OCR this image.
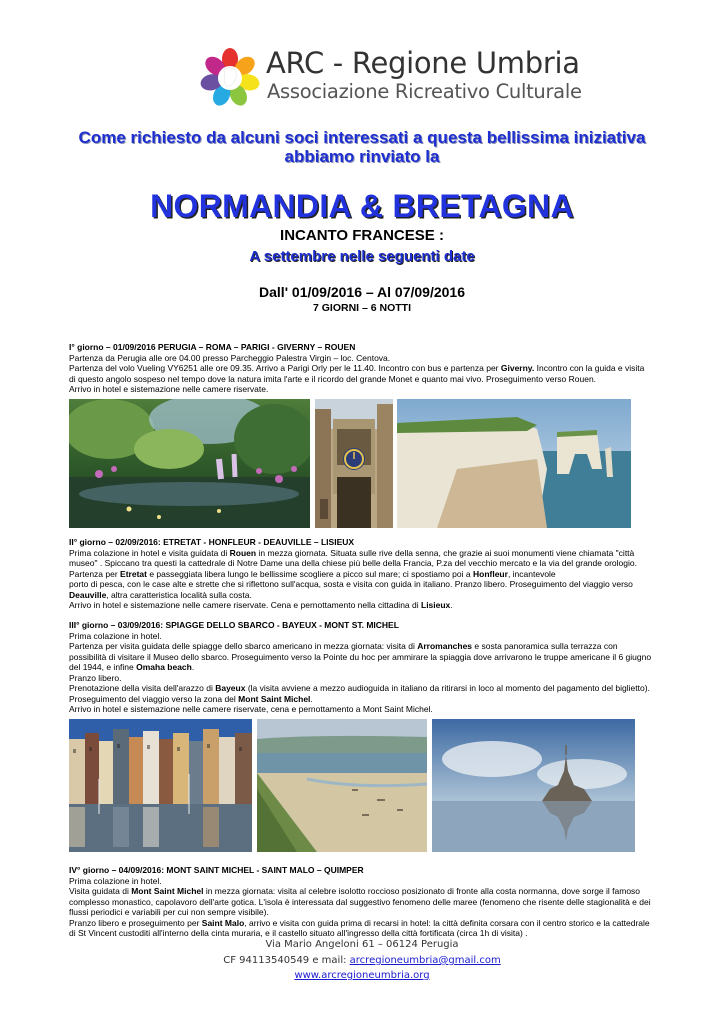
ARC - Regione Umbria
Associazione Ricreativo Culturale
Come richiesto da alcuni soci interessati a questa bellissima iniziativa
abbiamo rinviato la
NORMANDIA & BRETAGNA
INCANTO FRANCESE :
A settembre nelle seguenti date
Dall' 01/09/2016 – Al 07/09/2016
7 GIORNI – 6 NOTTI

I° giorno – 01/09/2016 PERUGIA – ROMA – PARIGI - GIVERNY – ROUEN

Partenza da Perugia alle ore 04.00 presso Parcheggio Palestra Virgin – loc. Centova.

Partenza del volo Vueling VY6251 alle ore 09.35. Arrivo a Parigi Orly per le 11.40. Incontro con bus e partenza per Giverny. Incontro con la guida e visita

di questo angolo sospeso nel tempo dove la natura imita l'arte e il ricordo del grande Monet e quanto mai vivo. Proseguimento verso Rouen.

Arrivo in hotel e sistemazione nelle camere riservate.

II° giorno – 02/09/2016: ETRETAT - HONFLEUR - DEAUVILLE – LISIEUX

Prima colazione in hotel e visita guidata di Rouen in mezza giornata. Situata sulle rive della senna, che grazie ai suoi monumenti viene chiamata "città

museo" . Spiccano tra questi la cattedrale di Notre Dame una della chiese più belle della Francia, P.za del vecchio mercato e la via del grande orologio.

Partenza per Etretat e passeggiata libera lungo le bellissime scogliere a picco sul mare; ci spostiamo poi a Honfleur, incantevole

porto di pesca, con le case alte e strette che si riflettono sull'acqua, sosta e visita con guida in italiano. Pranzo libero. Proseguimento del viaggio verso

Deauville, altra caratteristica località sulla costa.

Arrivo in hotel e sistemazione nelle camere riservate. Cena e pernottamento nella cittadina di Lisieux.

III° giorno – 03/09/2016: SPIAGGE DELLO SBARCO - BAYEUX - MONT ST. MICHEL

Prima colazione in hotel.

Partenza per visita guidata delle spiagge dello sbarco americano in mezza giornata: visita di Arromanches e sosta panoramica sulla terrazza con

possibilità di visitare il Museo dello sbarco. Proseguimento verso la Pointe du hoc per ammirare la spiaggia dove arrivarono le truppe americane il 6 giugno

del 1944, e infine Omaha beach.

Pranzo libero.

Prenotazione della visita dell'arazzo di Bayeux (la visita avviene a mezzo audioguida in italiano da ritirarsi in loco al momento del pagamento del biglietto).

Proseguimento del viaggio verso la zona del Mont Saint Michel.

Arrivo in hotel e sistemazione nelle camere riservate, cena e pernottamento a Mont Saint Michel.

IV° giorno – 04/09/2016: MONT SAINT MICHEL - SAINT MALO – QUIMPER

Prima colazione in hotel.

Visita guidata di Mont Saint Michel in mezza giornata: visita al celebre isolotto roccioso posizionato di fronte alla costa normanna, dove sorge il famoso

complesso monastico, capolavoro dell'arte gotica. L'isola è interessata dal suggestivo fenomeno delle maree (fenomeno che risente delle stagionalità e dei

flussi periodici e variabili per cui non sempre visibile).

Pranzo libero e proseguimento per Saint Malo, arrivo e visita con guida prima di recarsi in hotel: la città definita corsara con il centro storico e la cattedrale

di St Vincent custoditi all'interno della cinta muraria, e il castello situato all'ingresso della città fortificata (circa 1h di visita) .

Via Mario Angeloni 61 – 06124 Perugia
CF 94113540549 e mail: arcregioneumbria@gmail.com
www.arcregioneumbria.org
